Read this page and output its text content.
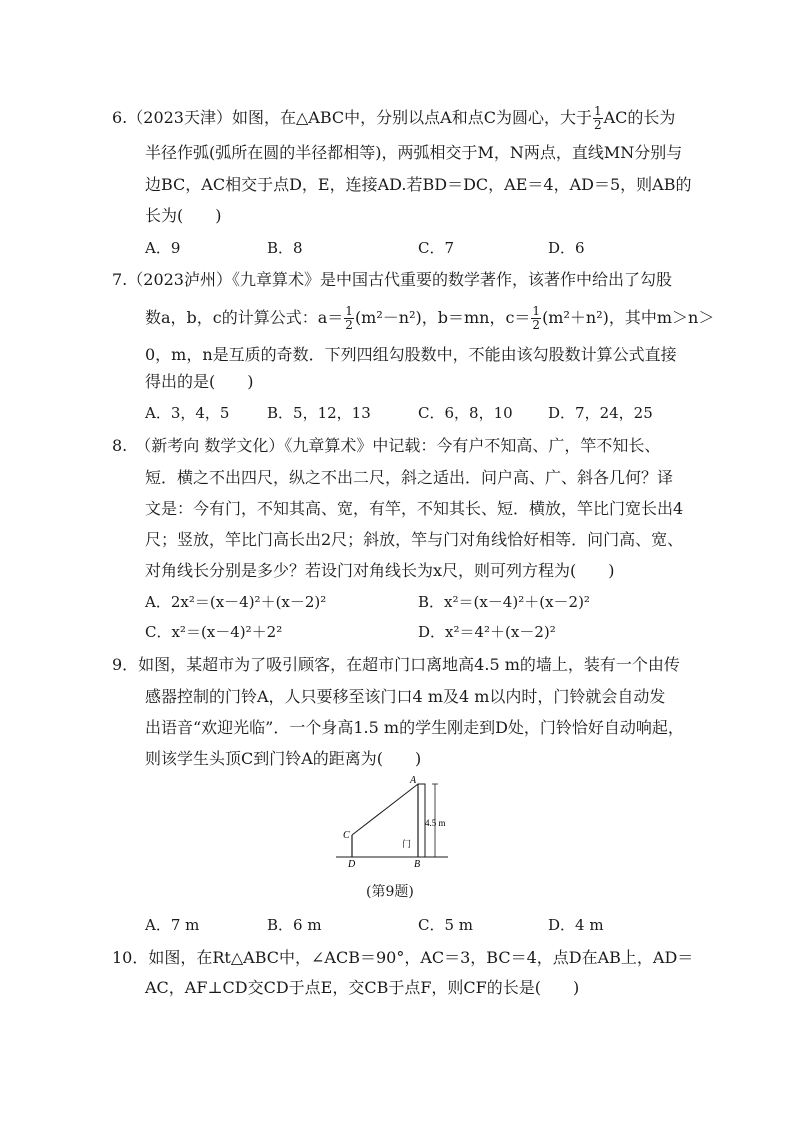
6.（2023天津）如图，在△ABC中，分别以点A和点C为圆心，大于 $\frac{1}{2}$ AC的长为
半径作弧(弧所在圆的半径都相等)，两弧相交于M，N两点，直线MN分别与
边BC，AC相交于点D，E，连接AD.若BD＝DC，AE＝4，AD＝5，则AB的
长为(　　)
A．9	B．8	C．7	D．6
7.（2023泸州）《九章算术》是中国古代重要的数学著作，该著作中给出了勾股
数a，b，c的计算公式：$a= \frac{1}{2} (m^2-n^2)$，b＝mn，$c= \frac{1}{2} (m^2+n^2)$，其中m＞n＞
0，m，n是互质的奇数．下列四组勾股数中，不能由该勾股数计算公式直接
得出的是(　　)
A．3，4，5	B．5，12，13	C．6，8，10 D．7，24，25
8.　（新考向 数学文化）《九章算术》中记载：今有户不知高、广，竿不知长、
短．横之不出四尺，纵之不出二尺，斜之适出．问户高、广、斜各几何？译
文是：今有门，不知其高、宽，有竿，不知其长、短．横放，竿比门宽长出4
尺；竖放，竿比门高长出2尺；斜放，竿与门对角线恰好相等．问门高、宽、
对角线长分别是多少？若设门对角线长为x尺，则可列方程为(　　)
A．2x²＝(x－4)²＋(x－2)²	B．x²＝(x－4)²＋(x－2)²
C．x²＝(x－4)²＋2²	D．x²＝4²＋(x－2)²
9．如图，某超市为了吸引顾客，在超市门口离地高4.5 m的墙上，装有一个由传
感器控制的门铃A，人只要移至该门口4 m及4 m以内时，门铃就会自动发
出语音“欢迎光临”．一个身高1.5 m的学生刚走到D处，门铃恰好自动响起，
则该学生头顶C到门铃A的距离为(　　)
A
C
D	B
4.5 m
门
(第9题)
A．7 m	B．6 m	C．5 m	D．4 m
10．如图，在Rt△ABC中，∠ACB＝90°，AC＝3，BC＝4，点D在AB上，AD＝
AC，AF⊥CD交CD于点E，交CB于点F，则CF的长是(　　)
